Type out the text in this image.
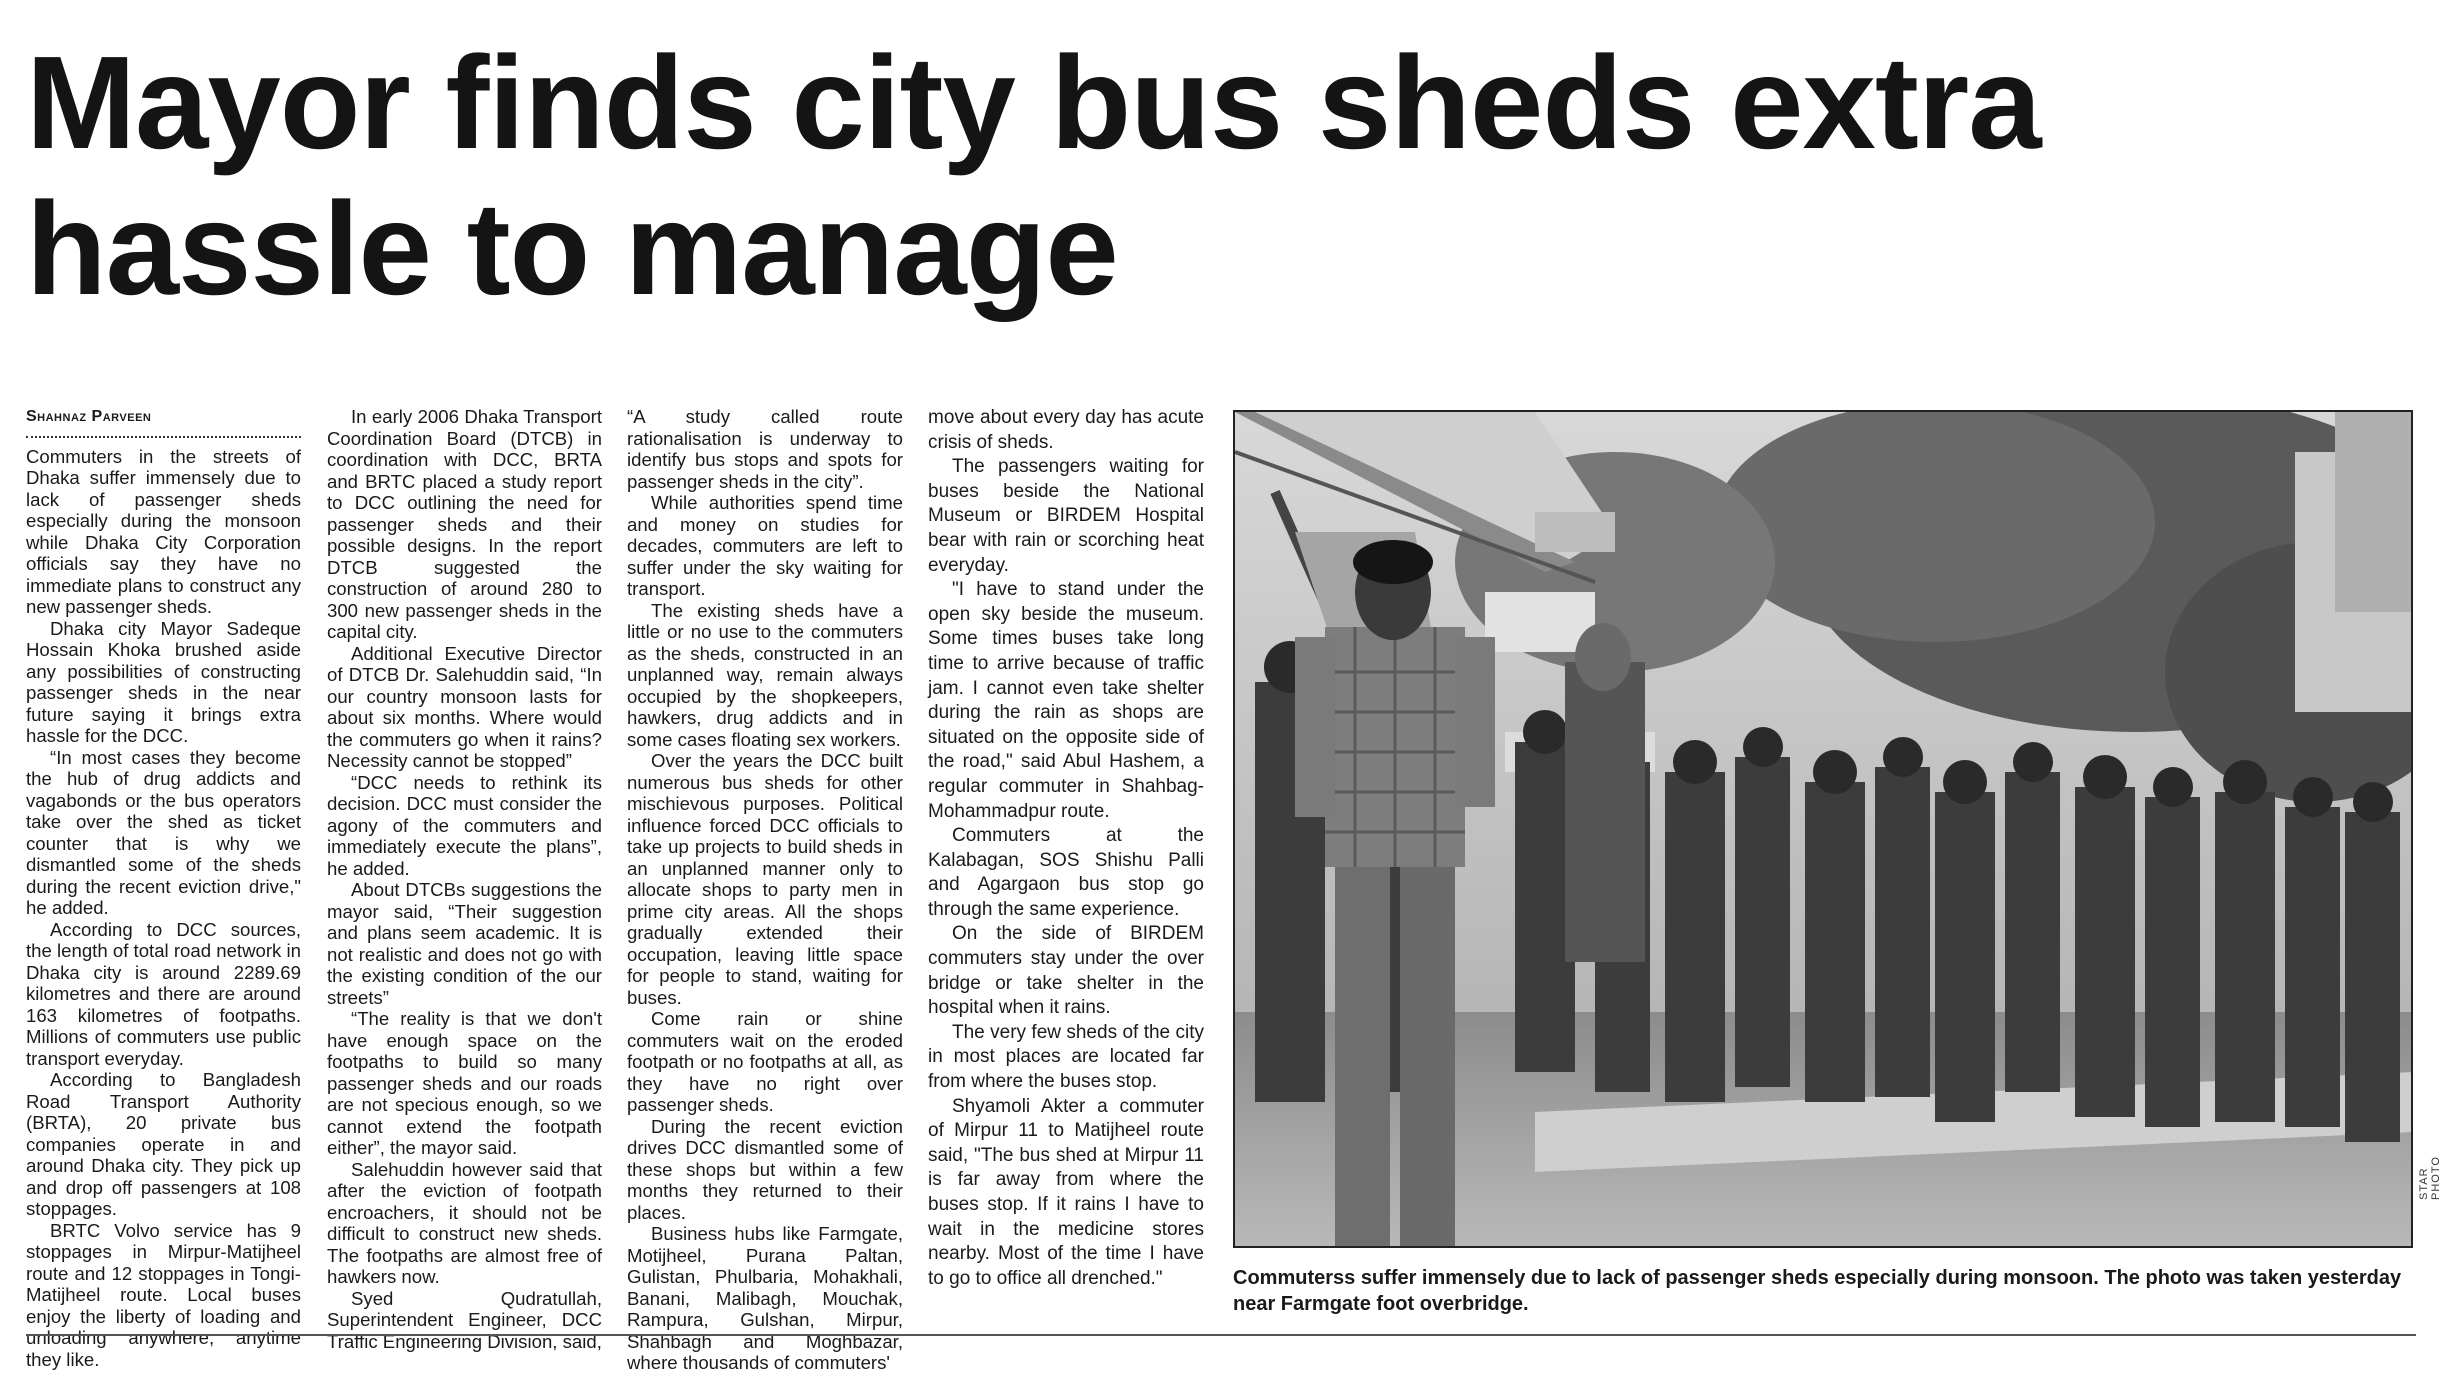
Mayor finds city bus sheds extra hassle to manage
Shahnaz Parveen

Commuters in the streets of Dhaka suffer immensely due to lack of passenger sheds especially during the monsoon while Dhaka City Corporation officials say they have no immediate plans to construct any new passenger sheds.

Dhaka city Mayor Sadeque Hossain Khoka brushed aside any possibilities of constructing passenger sheds in the near future saying it brings extra hassle for the DCC.

“In most cases they become the hub of drug addicts and vagabonds or the bus operators take over the shed as ticket counter that is why we dismantled some of the sheds during the recent eviction drive," he added.

According to DCC sources, the length of total road network in Dhaka city is around 2289.69 kilometres and there are around 163 kilometres of footpaths. Millions of commuters use public transport everyday.

According to Bangladesh Road Transport Authority (BRTA), 20 private bus companies operate in and around Dhaka city. They pick up and drop off passengers at 108 stoppages.

BRTC Volvo service has 9 stoppages in Mirpur-Matijheel route and 12 stoppages in Tongi-Matijheel route. Local buses enjoy the liberty of loading and unloading anywhere, anytime they like.

In early 2006 Dhaka Transport Coordination Board (DTCB) in coordination with DCC, BRTA and BRTC placed a study report to DCC outlining the need for passenger sheds and their possible designs. In the report DTCB suggested the construction of around 280 to 300 new passenger sheds in the capital city.

Additional Executive Director of DTCB Dr. Salehuddin said, “In our country monsoon lasts for about six months. Where would the commuters go when it rains? Necessity cannot be stopped”

“DCC needs to rethink its decision. DCC must consider the agony of the commuters and immediately execute the plans”, he added.

About DTCBs suggestions the mayor said, “Their suggestion and plans seem academic. It is not realistic and does not go with the existing condition of the our streets”

“The reality is that we don't have enough space on the footpaths to build so many passenger sheds and our roads are not specious enough, so we cannot extend the footpath either”, the mayor said.

Salehuddin however said that after the eviction of footpath encroachers, it should not be difficult to construct new sheds. The footpaths are almost free of hawkers now.

Syed Qudratullah, Superintendent Engineer, DCC Traffic Engineering Division, said,

“A study called route rationalisation is underway to identify bus stops and spots for passenger sheds in the city”.

While authorities spend time and money on studies for decades, commuters are left to suffer under the sky waiting for transport.

The existing sheds have a little or no use to the commuters as the sheds, constructed in an unplanned way, remain always occupied by the shopkeepers, hawkers, drug addicts and in some cases floating sex workers.

Over the years the DCC built numerous bus sheds for other mischievous purposes. Political influence forced DCC officials to take up projects to build sheds in an unplanned manner only to allocate shops to party men in prime city areas. All the shops gradually extended their occupation, leaving little space for people to stand, waiting for buses.

Come rain or shine commuters wait on the eroded footpath or no footpaths at all, as they have no right over passenger sheds.

During the recent eviction drives DCC dismantled some of these shops but within a few months they returned to their places.

Business hubs like Farmgate, Motijheel, Purana Paltan, Gulistan, Phulbaria, Mohakhali, Banani, Malibagh, Mouchak, Rampura, Gulshan, Mirpur, Shahbagh and Moghbazar, where thousands of commuters'

move about every day has acute crisis of sheds.

The passengers waiting for buses beside the National Museum or BIRDEM Hospital bear with rain or scorching heat everyday.

"I have to stand under the open sky beside the museum. Some times buses take long time to arrive because of traffic jam. I cannot even take shelter during the rain as shops are situated on the opposite side of the road," said Abul Hashem, a regular commuter in Shahbag-Mohammadpur route.

Commuters at the Kalabagan, SOS Shishu Palli and Agargaon bus stop go through the same experience.

On the side of BIRDEM commuters stay under the over bridge or take shelter in the hospital when it rains.

The very few sheds of the city in most places are located far from where the buses stop.

Shyamoli Akter a commuter of Mirpur 11 to Matijheel route said, "The bus shed at Mirpur 11 is far away from where the buses stop. If it rains I have to wait in the medicine stores nearby. Most of the time I have to go to office all drenched."

STAR PHOTO

Commuterss suffer immensely due to lack of passenger sheds especially during monsoon. The photo was taken yesterday near Farmgate foot overbridge.
